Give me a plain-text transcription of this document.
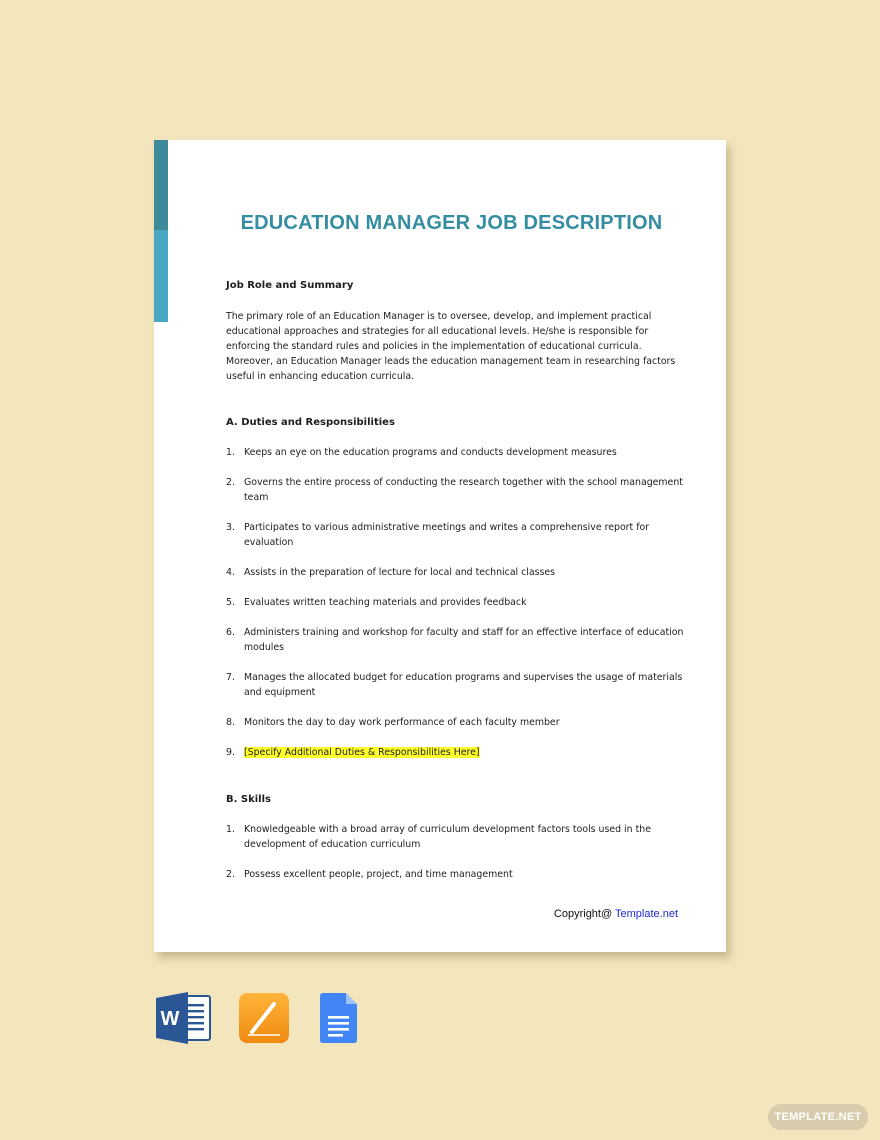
EDUCATION MANAGER JOB DESCRIPTION

Job Role and Summary

The primary role of an Education Manager is to oversee, develop, and implement practical educational approaches and strategies for all educational levels. He/she is responsible for enforcing the standard rules and policies in the implementation of educational curricula. Moreover, an Education Manager leads the education management team in researching factors useful in enhancing education curricula.

A. Duties and Responsibilities

1. Keeps an eye on the education programs and conducts development measures
2. Governs the entire process of conducting the research together with the school management team
3. Participates to various administrative meetings and writes a comprehensive report for evaluation
4. Assists in the preparation of lecture for local and technical classes
5. Evaluates written teaching materials and provides feedback
6. Administers training and workshop for faculty and staff for an effective interface of education modules
7. Manages the allocated budget for education programs and supervises the usage of materials and equipment
8. Monitors the day to day work performance of each faculty member
9. [Specify Additional Duties & Responsibilities Here]

B. Skills

1. Knowledgeable with a broad array of curriculum development factors tools used in the development of education curriculum
2. Possess excellent people, project, and time management
Copyright@ Template.net
W
TEMPLATE.NET
